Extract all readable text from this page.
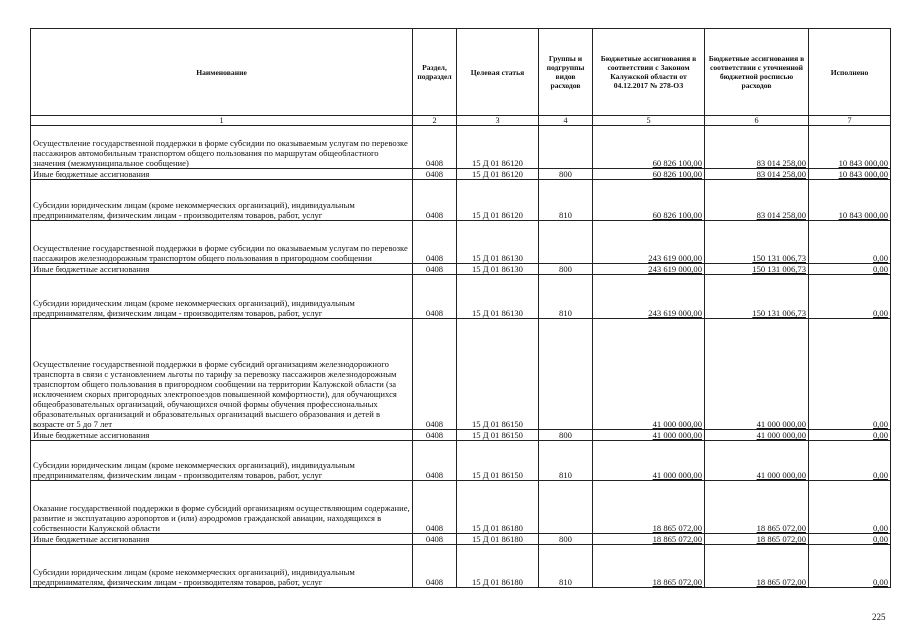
Наименование	Раздел, подраздел	Целевая статья	Группы и подгруппы видов расходов	Бюджетные ассигнования в соответствии с Законом Калужской области от 04.12.2017 № 278-ОЗ	Бюджетные ассигнования в соответствии с уточненной бюджетной росписью расходов	Исполнено
1	2	3	4	5	6	7
Осуществление государственной поддержки в форме субсидии по оказываемым услугам по перевозке пассажиров автомобильным транспортом общего пользования по маршрутам общеобластного значения (межмуниципальное сообщение)	0408	15 Д 01 86120		60 826 100,00	83 014 258,00	10 843 000,00
Иные бюджетные ассигнования	0408	15 Д 01 86120	800	60 826 100,00	83 014 258,00	10 843 000,00
Субсидии юридическим лицам (кроме некоммерческих организаций), индивидуальным предпринимателям, физическим лицам - производителям товаров, работ, услуг	0408	15 Д 01 86120	810	60 826 100,00	83 014 258,00	10 843 000,00
Осуществление государственной поддержки в форме субсидии по оказываемым услугам по перевозке пассажиров железнодорожным транспортом общего пользования в пригородном сообщении	0408	15 Д 01 86130		243 619 000,00	150 131 006,73	0,00
Иные бюджетные ассигнования	0408	15 Д 01 86130	800	243 619 000,00	150 131 006,73	0,00
Субсидии юридическим лицам (кроме некоммерческих организаций), индивидуальным предпринимателям, физическим лицам - производителям товаров, работ, услуг	0408	15 Д 01 86130	810	243 619 000,00	150 131 006,73	0,00
Осуществление государственной поддержки в форме субсидий организациям железнодорожного транспорта в связи с установлением льготы по тарифу за перевозку пассажиров железнодорожным транспортом общего пользования в пригородном сообщении на территории Калужской области (за исключением скорых пригородных электропоездов повышенной комфортности), для обучающихся общеобразовательных организаций, обучающихся очной формы обучения профессиональных образовательных организаций и образовательных организаций высшего образования и детей в возрасте от 5 до 7 лет	0408	15 Д 01 86150		41 000 000,00	41 000 000,00	0,00
Иные бюджетные ассигнования	0408	15 Д 01 86150	800	41 000 000,00	41 000 000,00	0,00
Субсидии юридическим лицам (кроме некоммерческих организаций), индивидуальным предпринимателям, физическим лицам - производителям товаров, работ, услуг	0408	15 Д 01 86150	810	41 000 000,00	41 000 000,00	0,00
Оказание государственной поддержки в форме субсидий организациям осуществляющим содержание, развитие и эксплуатацию аэропортов и (или) аэродромов гражданской авиации, находящихся в собственности Калужской области	0408	15 Д 01 86180		18 865 072,00	18 865 072,00	0,00
Иные бюджетные ассигнования	0408	15 Д 01 86180	800	18 865 072,00	18 865 072,00	0,00
Субсидии юридическим лицам (кроме некоммерческих организаций), индивидуальным предпринимателям, физическим лицам - производителям товаров, работ, услуг	0408	15 Д 01 86180	810	18 865 072,00	18 865 072,00	0,00
225
